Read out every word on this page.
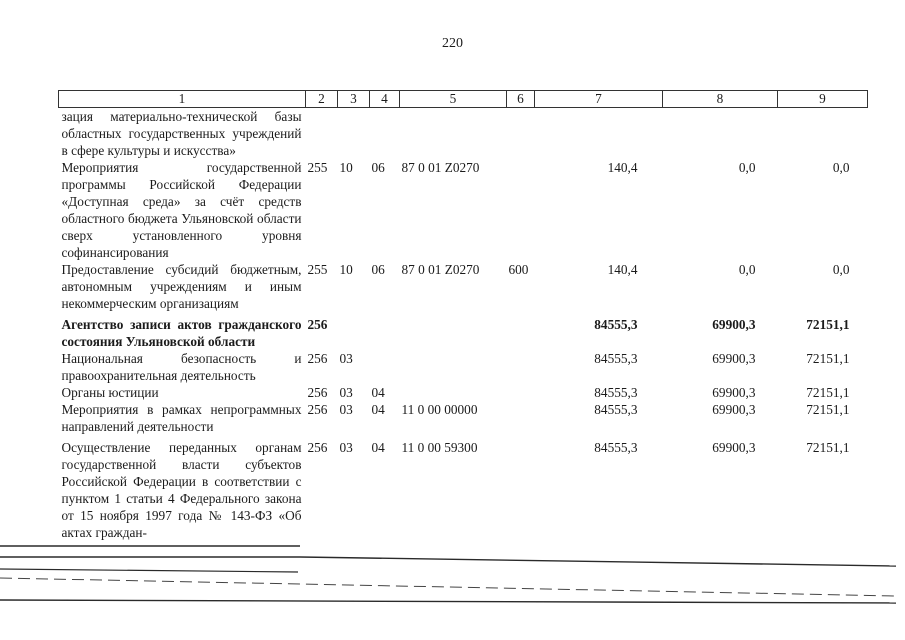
220
1	2	3	4	5	6	7	8	9
зация материально-технической базы областных государственных учреждений в сфере культуры и искусства»								
Мероприятия государственной программы Российской Федерации «Доступная среда» за счёт средств областного бюджета Ульяновской области сверх установленного уровня софинансирования	255	10	06	87 0 01 Z0270		140,4	0,0	0,0
Предоставление субсидий бюджетным, автономным учреждениям и иным некоммерческим организациям	255	10	06	87 0 01 Z0270	600	140,4	0,0	0,0
Агентство записи актов гражданского состояния Ульяновской области	256					84555,3	69900,3	72151,1
Национальная безопасность и правоохранительная деятельность	256	03				84555,3	69900,3	72151,1
Органы юстиции	256	03	04			84555,3	69900,3	72151,1
Мероприятия в рамках непрограммных направлений деятельности	256	03	04	11 0 00 00000		84555,3	69900,3	72151,1
Осуществление переданных органам государственной власти субъектов Российской Федерации в соответствии с пунктом 1 статьи 4 Федерального закона от 15 ноября 1997 года № 143-ФЗ «Об актах граждан-	256	03	04	11 0 00 59300		84555,3	69900,3	72151,1
